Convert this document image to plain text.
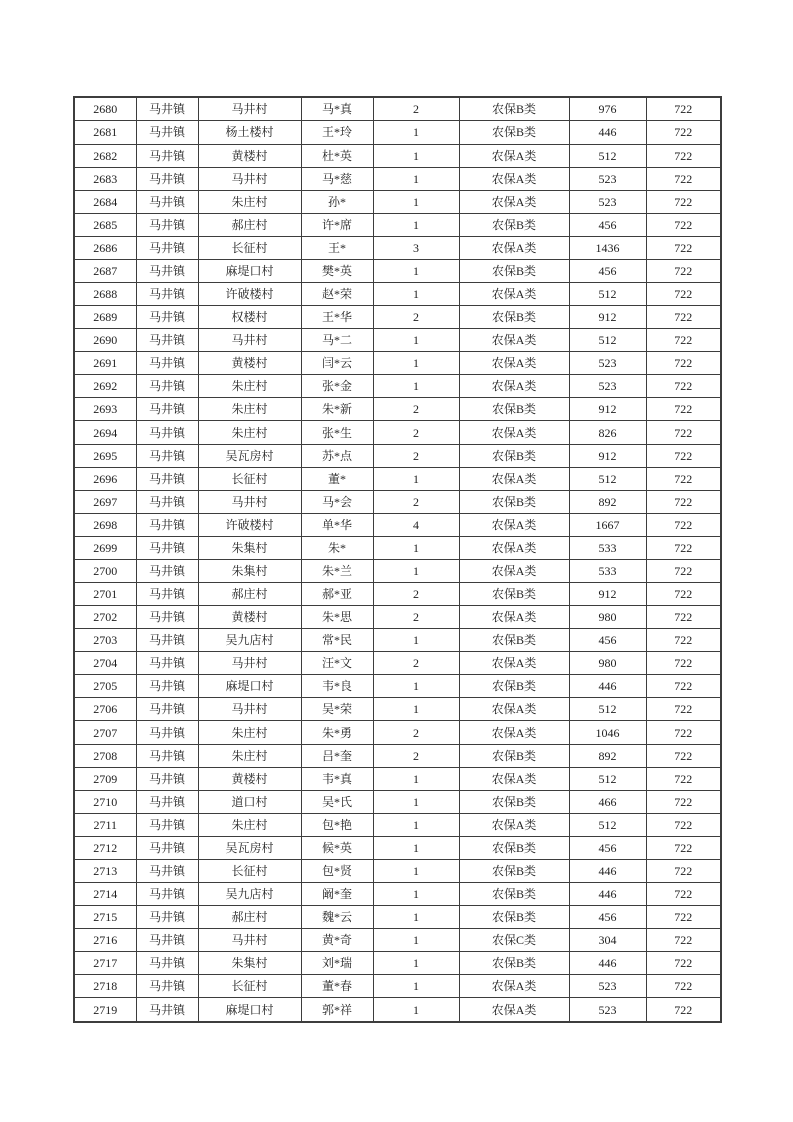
2680	马井镇	马井村	马*真	2	农保B类	976	722
2681	马井镇	杨土楼村	王*玲	1	农保B类	446	722
2682	马井镇	黄楼村	杜*英	1	农保A类	512	722
2683	马井镇	马井村	马*慈	1	农保A类	523	722
2684	马井镇	朱庄村	孙*	1	农保A类	523	722
2685	马井镇	郝庄村	许*席	1	农保B类	456	722
2686	马井镇	长征村	王*	3	农保A类	1436	722
2687	马井镇	麻堤口村	樊*英	1	农保B类	456	722
2688	马井镇	许破楼村	赵*荣	1	农保A类	512	722
2689	马井镇	权楼村	王*华	2	农保B类	912	722
2690	马井镇	马井村	马*二	1	农保A类	512	722
2691	马井镇	黄楼村	闫*云	1	农保A类	523	722
2692	马井镇	朱庄村	张*金	1	农保A类	523	722
2693	马井镇	朱庄村	朱*新	2	农保B类	912	722
2694	马井镇	朱庄村	张*生	2	农保A类	826	722
2695	马井镇	吴瓦房村	苏*点	2	农保B类	912	722
2696	马井镇	长征村	董*	1	农保A类	512	722
2697	马井镇	马井村	马*会	2	农保B类	892	722
2698	马井镇	许破楼村	单*华	4	农保A类	1667	722
2699	马井镇	朱集村	朱*	1	农保A类	533	722
2700	马井镇	朱集村	朱*兰	1	农保A类	533	722
2701	马井镇	郝庄村	郝*亚	2	农保B类	912	722
2702	马井镇	黄楼村	朱*思	2	农保A类	980	722
2703	马井镇	吴九店村	常*民	1	农保B类	456	722
2704	马井镇	马井村	汪*文	2	农保A类	980	722
2705	马井镇	麻堤口村	韦*良	1	农保B类	446	722
2706	马井镇	马井村	吴*荣	1	农保A类	512	722
2707	马井镇	朱庄村	朱*勇	2	农保A类	1046	722
2708	马井镇	朱庄村	吕*奎	2	农保B类	892	722
2709	马井镇	黄楼村	韦*真	1	农保A类	512	722
2710	马井镇	道口村	吴*氏	1	农保B类	466	722
2711	马井镇	朱庄村	包*艳	1	农保A类	512	722
2712	马井镇	吴瓦房村	候*英	1	农保B类	456	722
2713	马井镇	长征村	包*贤	1	农保B类	446	722
2714	马井镇	吴九店村	阚*奎	1	农保B类	446	722
2715	马井镇	郝庄村	魏*云	1	农保B类	456	722
2716	马井镇	马井村	黄*奇	1	农保C类	304	722
2717	马井镇	朱集村	刘*瑞	1	农保B类	446	722
2718	马井镇	长征村	董*春	1	农保A类	523	722
2719	马井镇	麻堤口村	郭*祥	1	农保A类	523	722
